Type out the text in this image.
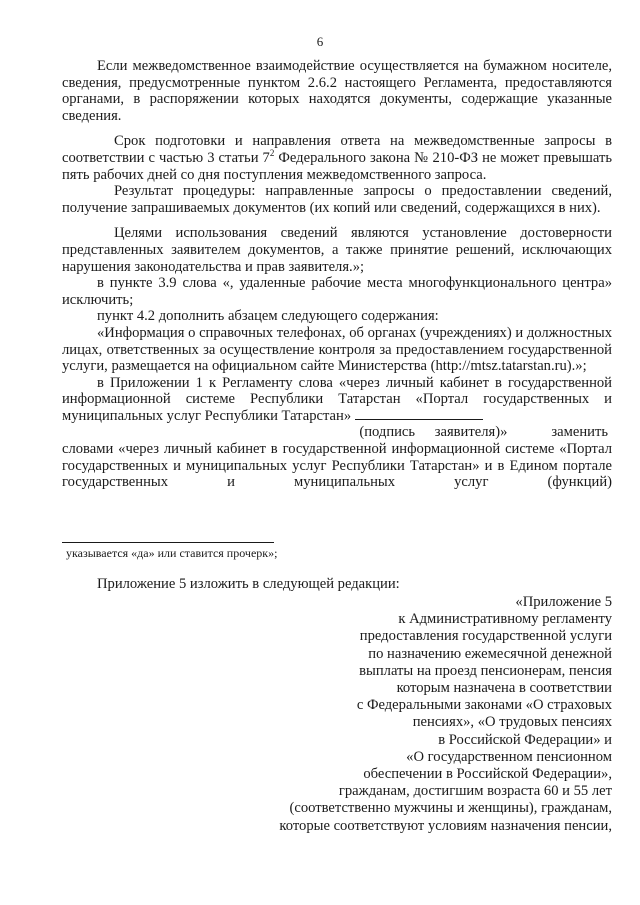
6

Если межведомственное взаимодействие осуществляется на бумажном носителе, сведения, предусмотренные пунктом 2.6.2 настоящего Регламента, предоставляются органами, в распоряжении которых находятся документы, содержащие указанные сведения.

Срок подготовки и направления ответа на межведомственные запросы в соответствии с частью 3 статьи $7^2$ Федерального закона № 210-ФЗ не может превышать пять рабочих дней со дня поступления межведомственного запроса.

Результат процедуры: направленные запросы о предоставлении сведений, получение запрашиваемых документов (их копий или сведений, содержащихся в них).

Целями использования сведений являются установление достоверности представленных заявителем документов, а также принятие решений, исключающих нарушения законодательства и прав заявителя.»;

в пункте 3.9 слова «, удаленные рабочие места многофункционального центра» исключить;

пункт 4.2 дополнить абзацем следующего содержания:

«Информация о справочных телефонах, об органах (учреждениях) и должностных лицах, ответственных за осуществление контроля за предоставлением государственной услуги, размещается на официальном сайте Министерства (http://mtsz.tatarstan.ru).»;

в Приложении 1 к Регламенту слова «через личный кабинет в государственной информационной системе Республики Татарстан «Портал государственных и муниципальных услуг Республики Татарстан»

(подпись заявителя)»	заменить

словами «через личный кабинет в государственной информационной системе «Портал государственных и муниципальных услуг Республики Татарстан» и в Едином портале государственных и муниципальных услуг (функций)

указывается «да» или ставится прочерк»;
Приложение 5 изложить в следующей редакции:
«Приложение 5
к Административному регламенту
предоставления государственной услуги
по назначению ежемесячной денежной
выплаты на проезд пенсионерам, пенсия
которым назначена в соответствии
с Федеральными законами «О страховых
пенсиях», «О трудовых пенсиях
в Российской Федерации» и
«О государственном пенсионном
обеспечении в Российской Федерации»,
гражданам, достигшим возраста 60 и 55 лет
(соответственно мужчины и женщины), гражданам,
которые соответствуют условиям назначения пенсии,
